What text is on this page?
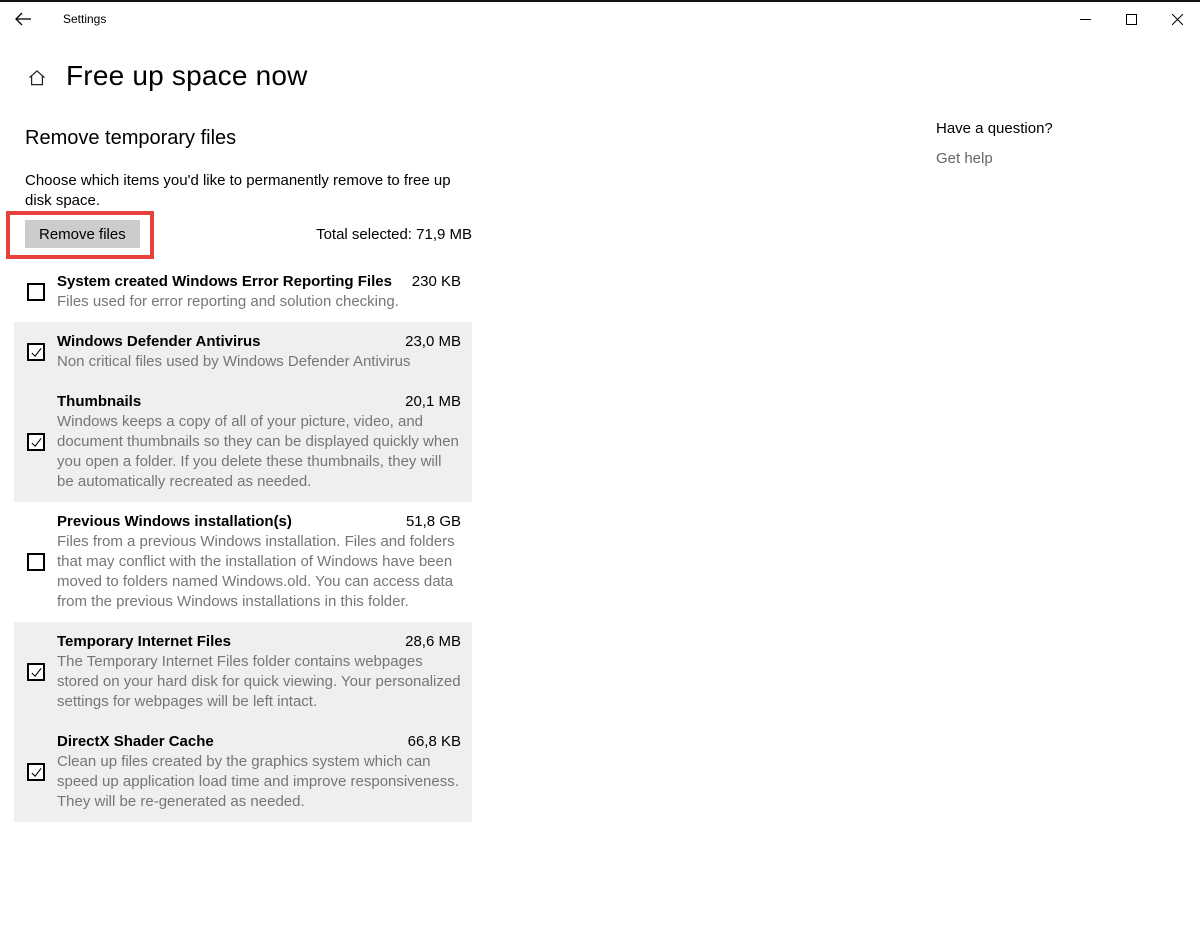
Settings
Free up space now
Remove temporary files
Choose which items you'd like to permanently remove to free up disk space.
Remove files	Total selected: 71,9 MB
System created Windows Error Reporting Files 230 KB
Files used for error reporting and solution checking.
Windows Defender Antivirus	23,0 MB
Non critical files used by Windows Defender Antivirus
Thumbnails	20,1 MB
Windows keeps a copy of all of your picture, video, and document thumbnails so they can be displayed quickly when you open a folder. If you delete these thumbnails, they will be automatically recreated as needed.
Previous Windows installation(s)	51,8 GB
Files from a previous Windows installation. Files and folders that may conflict with the installation of Windows have been moved to folders named Windows.old. You can access data from the previous Windows installations in this folder.
Temporary Internet Files	28,6 MB
The Temporary Internet Files folder contains webpages stored on your hard disk for quick viewing. Your personalized settings for webpages will be left intact.
DirectX Shader Cache	66,8 KB
Clean up files created by the graphics system which can speed up application load time and improve responsiveness. They will be re-generated as needed.
Have a question?
Get help
